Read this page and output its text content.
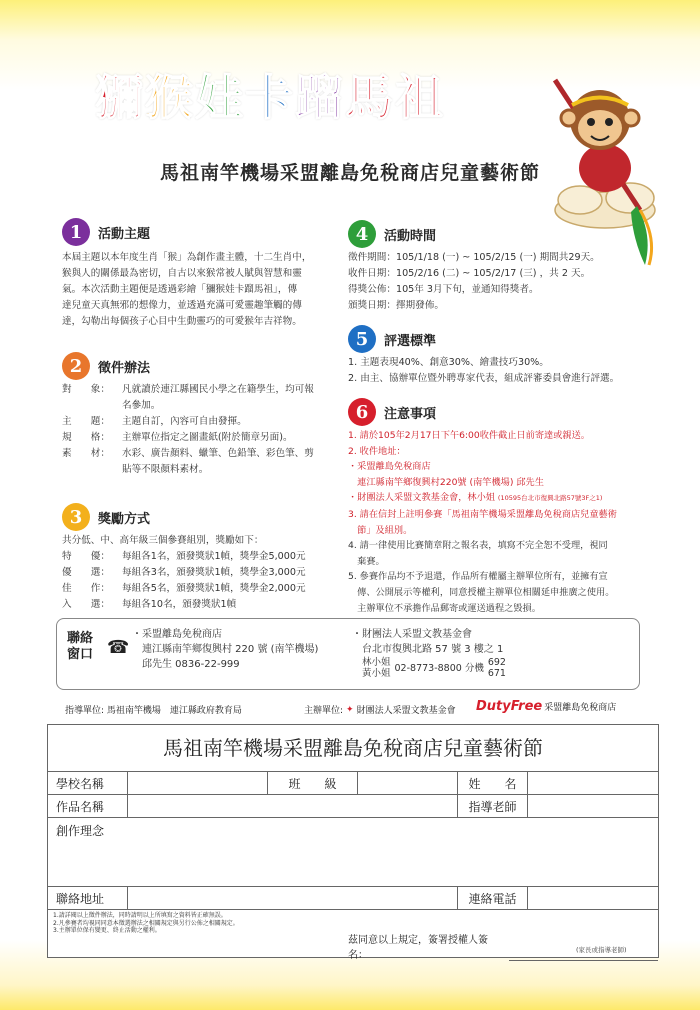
獼 猴 娃 卡 蹓 馬 祖
馬祖南竿機場采盟離島免稅商店兒童藝術節
1	活動主題
本屆主題以本年度生肖「猴」為創作畫主體，十二生肖中，
猴與人的關係最為密切，自古以來猴常被人賦與智慧和靈
氣。本次活動主題便是透過彩繪「獼猴娃卡蹓馬祖」，傳
達兒童天真無邪的想像力，並透過充滿可愛靈趣筆觸的傳
達，勾勒出每個孩子心目中生動靈巧的可愛猴年吉祥物。
2	徵件辦法
對　　象：	凡就讀於連江縣國民小學之在籍學生，均可報
名參加。
主　　題：	主題自訂，內容可自由發揮。
規　　格：	主辦單位指定之圖畫紙(附於簡章另面)。
素　　材：	水彩、廣告顏料、蠟筆、色鉛筆、彩色筆、剪
貼等不限顏料素材。
3	獎勵方式
共分低、中、高年級三個參賽組別，獎勵如下：
特　　優：	每組各1名，頒發獎狀1幀，獎學金5,000元
優　　選：	每組各3名，頒發獎狀1幀，獎學金3,000元
佳　　作：	每組各5名，頒發獎狀1幀，獎學金2,000元
入　　選：	每組各10名，頒發獎狀1幀
4	活動時間
徵件期間：105/1/18 (一) ~ 105/2/15 (一) 期間共29天。
收件日期：105/2/16 (二) ~ 105/2/17 (三) ，共 2 天。
得獎公佈：105年 3月下旬，並通知得獎者。
頒獎日期：擇期發佈。
5	評選標準
1. 主題表現40%、創意30%、繪畫技巧30%。
2. 由主、協辦單位暨外聘專家代表，組成評審委員會進行評選。
6	注意事項
1. 請於105年2月17日下午6:00收件截止日前寄達或親送。
2. 收件地址：
・采盟離島免稅商店
　連江縣南竿鄉復興村220號 (南竿機場) 邱先生
・財團法人采盟文教基金會，林小姐 (10595台北市復興北路57號3F之1)
3. 請在信封上註明參賽「馬祖南竿機場采盟離島免稅商店兒童藝術
　節」及組別。
4. 請一律使用比賽簡章附之報名表，填寫不完全恕不受理，視同
　棄賽。
5. 參賽作品均不予退還，作品所有權屬主辦單位所有，並擁有宣
　傳、公開展示等權利，同意授權主辦單位相關延申推廣之使用。
　主辦單位不承擔作品郵寄或運送過程之毀損。
聯絡
窗口 ☎
・采盟離島免稅商店
　連江縣南竿鄉復興村 220 號 (南竿機場)
　邱先生 0836-22-999
・財團法人采盟文教基金會
　台北市復興北路 57 號 3 樓之 1
林小姐
黃小姐 02-8773-8800 分機 692
671
指導單位: 馬祖南竿機場　連江縣政府教育局	主辦單位: ✦ 財團法人采盟文教基金會 DutyFree 采盟離島免稅商店
馬祖南竿機場采盟離島免稅商店兒童藝術節
學校名稱	班　　級	姓　　名
作品名稱	指導老師
創作理念
聯絡地址	連絡電話
1.請詳閱以上徵件辦法，同時請明以上所填寫之資料皆正確無誤。
2.凡參賽者均視同同意本徵選辦法之相關規定與另行公佈之相關規定。
3.主辦單位保有變更、終止活動之權利。
茲同意以上規定，簽署授權人簽名：	(家長或指導老師)
